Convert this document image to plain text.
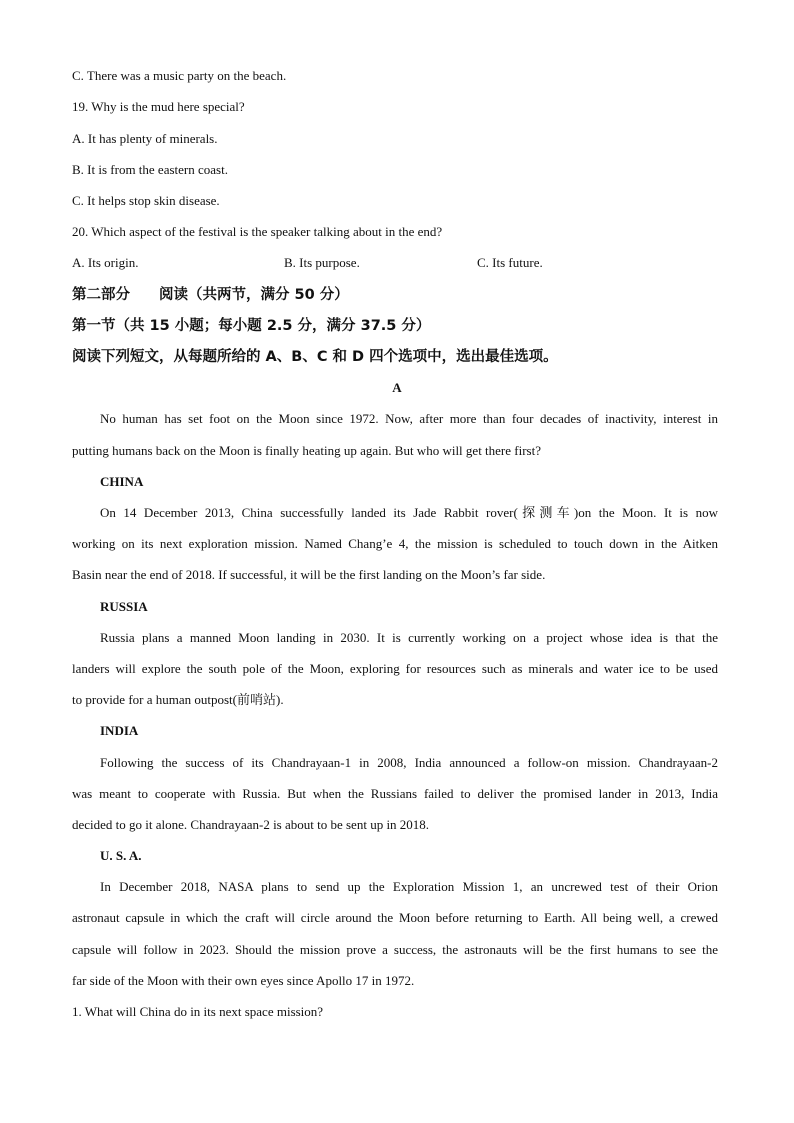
C. There was a music party on the beach.
19. Why is the mud here special?
A. It has plenty of minerals.
B. It is from the eastern coast.
C. It helps stop skin disease.
20. Which aspect of the festival is the speaker talking about in the end?
A. Its origin.	B. Its purpose.	C. Its future.
第二部分　　阅读（共两节，满分 50 分）
第一节（共 15 小题；每小题 2.5 分，满分 37.5 分）
阅读下列短文，从每题所给的 A、B、C 和 D 四个选项中，选出最佳选项。
A
No human has set foot on the Moon since 1972. Now, after more than four decades of inactivity, interest in
putting humans back on the Moon is finally heating up again. But who will get there first?
CHINA
On 14 December 2013, China successfully landed its Jade Rabbit rover(探测车)on the Moon. It is now
working on its next exploration mission. Named Chang’e 4, the mission is scheduled to touch down in the Aitken
Basin near the end of 2018. If successful, it will be the first landing on the Moon’s far side.
RUSSIA
Russia plans a manned Moon landing in 2030. It is currently working on a project whose idea is that the
landers will explore the south pole of the Moon, exploring for resources such as minerals and water ice to be used
to provide for a human outpost(前哨站).
INDIA
Following the success of its Chandrayaan-1 in 2008, India announced a follow-on mission. Chandrayaan-2
was meant to cooperate with Russia. But when the Russians failed to deliver the promised lander in 2013, India
decided to go it alone. Chandrayaan-2 is about to be sent up in 2018.
U. S. A.
In December 2018, NASA plans to send up the Exploration Mission 1, an uncrewed test of their Orion
astronaut capsule in which the craft will circle around the Moon before returning to Earth. All being well, a crewed
capsule will follow in 2023. Should the mission prove a success, the astronauts will be the first humans to see the
far side of the Moon with their own eyes since Apollo 17 in 1972.
1. What will China do in its next space mission?
